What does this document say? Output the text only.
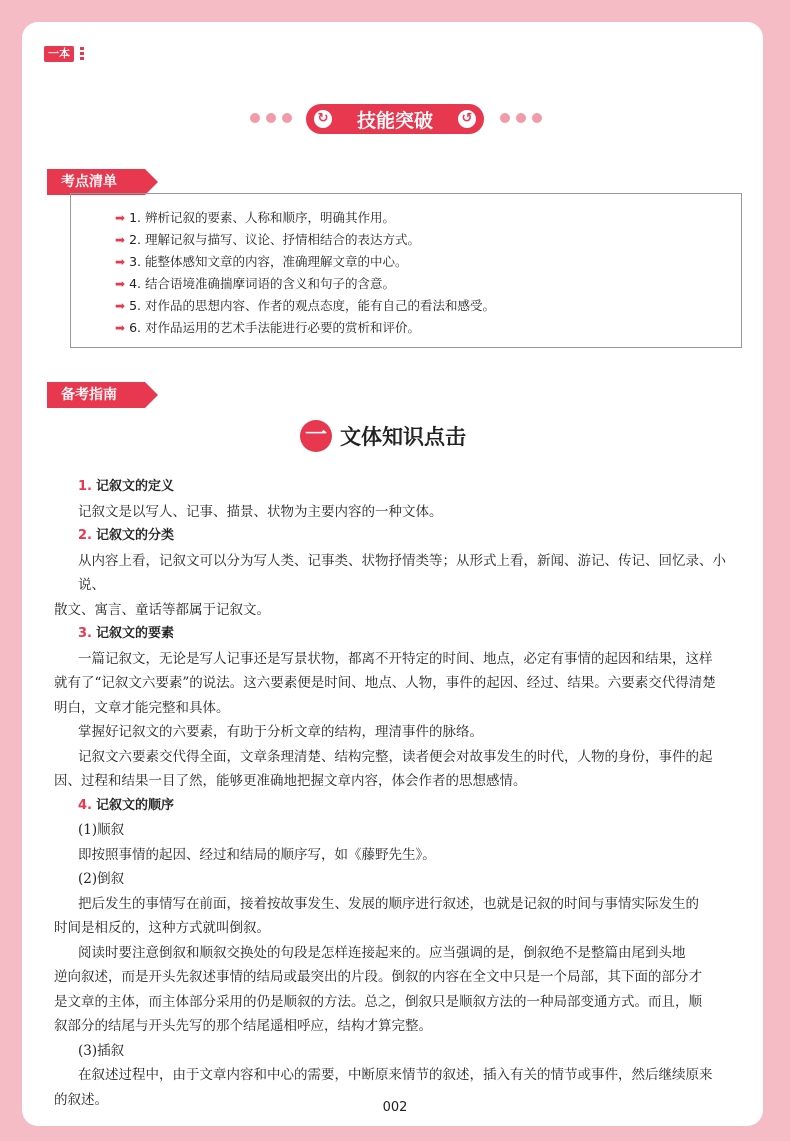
一本
↻ 技能突破 ↺
考点清单
➡ 1. 辨析记叙的要素、人称和顺序，明确其作用。
➡ 2. 理解记叙与描写、议论、抒情相结合的表达方式。
➡ 3. 能整体感知文章的内容，准确理解文章的中心。
➡ 4. 结合语境准确揣摩词语的含义和句子的含意。
➡ 5. 对作品的思想内容、作者的观点态度，能有自己的看法和感受。
➡ 6. 对作品运用的艺术手法能进行必要的赏析和评价。
备考指南
一 文体知识点击
1. 记叙文的定义
记叙文是以写人、记事、描景、状物为主要内容的一种文体。
2. 记叙文的分类
从内容上看，记叙文可以分为写人类、记事类、状物抒情类等；从形式上看，新闻、游记、传记、回忆录、小说、
散文、寓言、童话等都属于记叙文。
3. 记叙文的要素
一篇记叙文，无论是写人记事还是写景状物，都离不开特定的时间、地点，必定有事情的起因和结果，这样
就有了“记叙文六要素”的说法。这六要素便是时间、地点、人物，事件的起因、经过、结果。六要素交代得清楚
明白，文章才能完整和具体。
掌握好记叙文的六要素，有助于分析文章的结构，理清事件的脉络。
记叙文六要素交代得全面，文章条理清楚、结构完整，读者便会对故事发生的时代，人物的身份，事件的起
因、过程和结果一目了然，能够更准确地把握文章内容，体会作者的思想感情。
4. 记叙文的顺序
(1)顺叙
即按照事情的起因、经过和结局的顺序写，如《藤野先生》。
(2)倒叙
把后发生的事情写在前面，接着按故事发生、发展的顺序进行叙述，也就是记叙的时间与事情实际发生的
时间是相反的，这种方式就叫倒叙。
阅读时要注意倒叙和顺叙交换处的句段是怎样连接起来的。应当强调的是，倒叙绝不是整篇由尾到头地
逆向叙述，而是开头先叙述事情的结局或最突出的片段。倒叙的内容在全文中只是一个局部，其下面的部分才
是文章的主体，而主体部分采用的仍是顺叙的方法。总之，倒叙只是顺叙方法的一种局部变通方式。而且，顺
叙部分的结尾与开头先写的那个结尾遥相呼应，结构才算完整。
(3)插叙
在叙述过程中，由于文章内容和中心的需要，中断原来情节的叙述，插入有关的情节或事件，然后继续原来
的叙述。	002
